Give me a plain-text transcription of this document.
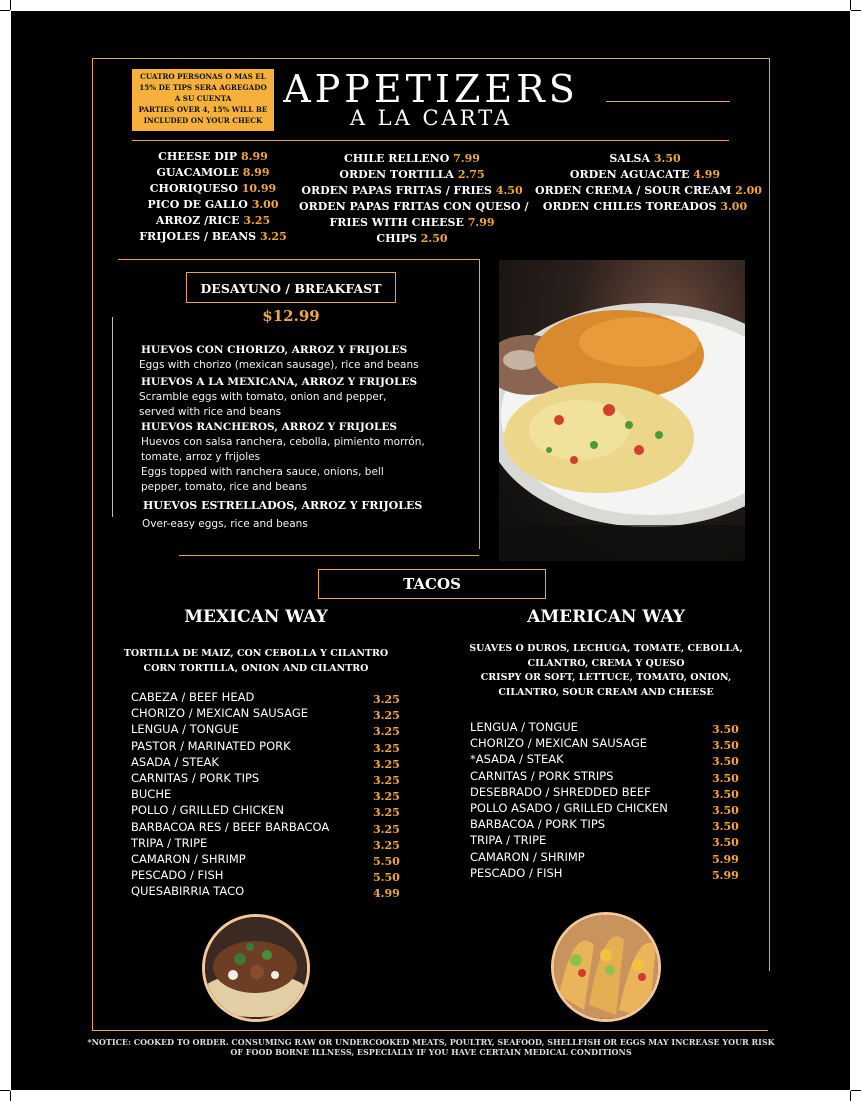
CUATRO PERSONAS O MAS EL
15% DE TIPS SERA AGREGADO
A SU CUENTA
PARTIES OVER 4, 15% WILL BE
INCLUDED ON YOUR CHECK
APPETIZERS
A LA CARTA
CHEESE DIP 8.99
GUACAMOLE 8.99
CHORIQUESO 10.99
PICO DE GALLO 3.00
ARROZ /RICE 3.25
FRIJOLES / BEANS 3.25
CHILE RELLENO 7.99
ORDEN TORTILLA 2.75
ORDEN PAPAS FRITAS / FRIES 4.50
ORDEN PAPAS FRITAS CON QUESO /
FRIES WITH CHEESE 7.99
CHIPS 2.50
SALSA 3.50
ORDEN AGUACATE 4.99
ORDEN CREMA / SOUR CREAM 2.00
ORDEN CHILES TOREADOS 3.00
DESAYUNO / BREAKFAST
$12.99
HUEVOS CON CHORIZO, ARROZ Y FRIJOLES
Eggs with chorizo (mexican sausage), rice and beans
HUEVOS A LA MEXICANA, ARROZ Y FRIJOLES
Scramble eggs with tomato, onion and pepper,
served with rice and beans
HUEVOS RANCHEROS, ARROZ Y FRIJOLES
Huevos con salsa ranchera, cebolla, pimiento morrón,
tomate, arroz y frijoles
Eggs topped with ranchera sauce, onions, bell
pepper, tomato, rice and beans
HUEVOS ESTRELLADOS, ARROZ Y FRIJOLES
Over-easy eggs, rice and beans
TACOS
MEXICAN WAY
TORTILLA DE MAIZ, CON CEBOLLA Y CILANTRO
CORN TORTILLA, ONION AND CILANTRO
AMERICAN WAY
SUAVES O DUROS, LECHUGA, TOMATE, CEBOLLA,
CILANTRO, CREMA Y QUESO
CRISPY OR SOFT, LETTUCE, TOMATO, ONION,
CILANTRO, SOUR CREAM AND CHEESE
CABEZA / BEEF HEAD
CHORIZO / MEXICAN SAUSAGE
LENGUA / TONGUE
PASTOR / MARINATED PORK
ASADA / STEAK
CARNITAS / PORK TIPS
BUCHE
POLLO / GRILLED CHICKEN
BARBACOA RES / BEEF BARBACOA
TRIPA / TRIPE
CAMARON / SHRIMP
PESCADO / FISH
QUESABIRRIA TACO
3.25
3.25
3.25
3.25
3.25
3.25
3.25
3.25
3.25
3.25
5.50
5.50
4.99
LENGUA / TONGUE
CHORIZO / MEXICAN SAUSAGE
*ASADA / STEAK
CARNITAS / PORK STRIPS
DESEBRADO / SHREDDED BEEF
POLLO ASADO / GRILLED CHICKEN
BARBACOA / PORK TIPS
TRIPA / TRIPE
CAMARON / SHRIMP
PESCADO / FISH
3.50
3.50
3.50
3.50
3.50
3.50
3.50
3.50
5.99
5.99
*NOTICE: COOKED TO ORDER. CONSUMING RAW OR UNDERCOOKED MEATS, POULTRY, SEAFOOD, SHELLFISH OR EGGS MAY INCREASE YOUR RISK
OF FOOD BORNE ILLNESS, ESPECIALLY IF YOU HAVE CERTAIN MEDICAL CONDITIONS
